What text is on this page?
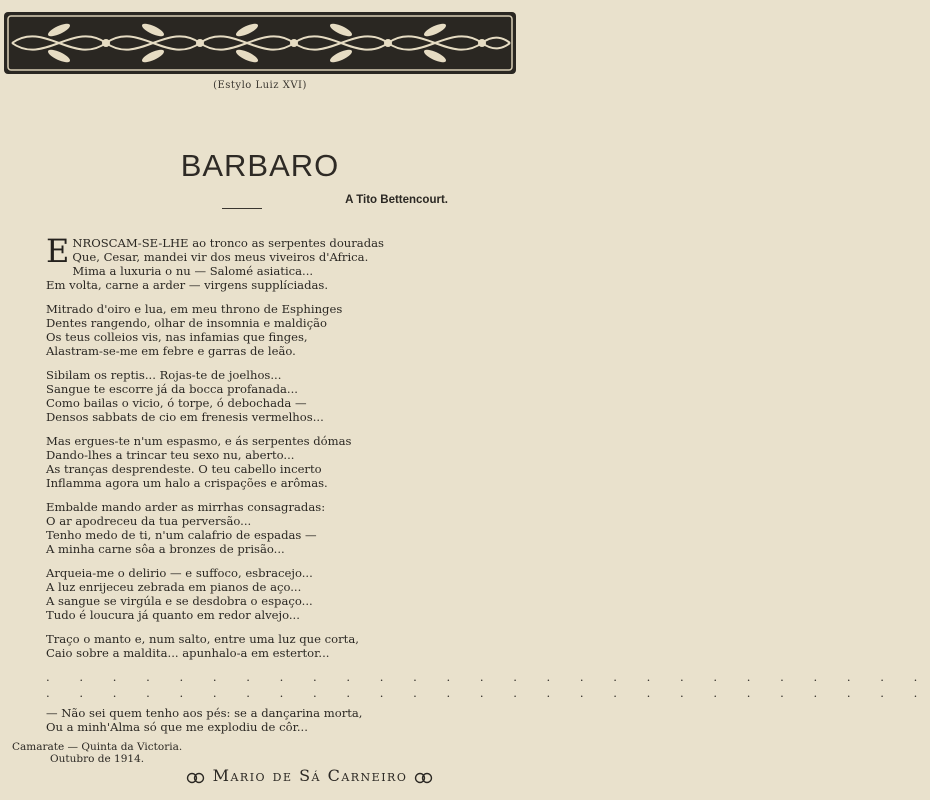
(Estylo Luiz XVI)
BARBARO
A Tito Bettencourt.
E NROSCAM-SE-LHE ao tronco as serpentes douradas
Que, Cesar, mandei vir dos meus viveiros d'Africa.
Mima a luxuria o nu — Salomé asiatica...
Em volta, carne a arder — virgens supplíciadas.
Mitrado d'oiro e lua, em meu throno de Esphinges
Dentes rangendo, olhar de insomnia e maldição
Os teus colleios vis, nas infamias que finges,
Alastram-se-me em febre e garras de leão.
Sibilam os reptis... Rojas-te de joelhos...
Sangue te escorre já da bocca profanada...
Como bailas o vicio, ó torpe, ó debochada —
Densos sabbats de cio em frenesis vermelhos...
Mas ergues-te n'um espasmo, e ás serpentes dómas
Dando-lhes a trincar teu sexo nu, aberto...
As tranças desprendeste. O teu cabello incerto
Inflamma agora um halo a crispações e arômas.
Embalde mando arder as mirrhas consagradas:
O ar apodreceu da tua perversão...
Tenho medo de ti, n'um calafrio de espadas —
A minha carne sôa a bronzes de prisão...
Arqueia-me o delirio — e suffoco, esbracejo...
A luz enrijeceu zebrada em pianos de aço...
A sangue se virgúla e se desdobra o espaço...
Tudo é loucura já quanto em redor alvejo...
Traço o manto e, num salto, entre uma luz que corta,
Caio sobre a maldita... apunhalo-a em estertor...
. . . . . . . . . . . . . . . . . . . . . . . . . . .
. . . . . . . . . . . . . . . . . . . . . . . . . . .
— Não sei quem tenho aos pés: se a dançarina morta,
Ou a minh'Alma só que me explodiu de côr...
Camarate — Quinta da Victoria.
Outubro de 1914.
Mario de Sá Carneiro
